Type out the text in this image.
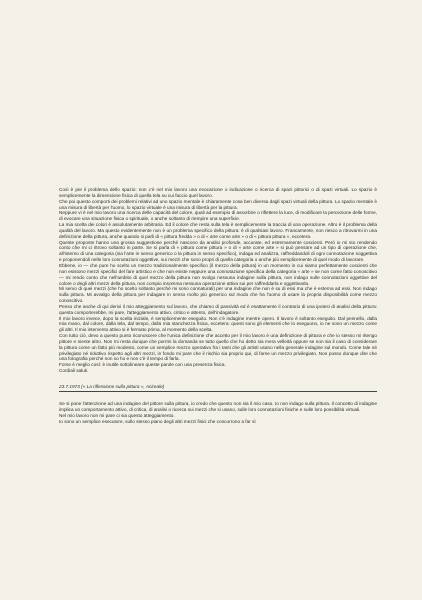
Così è per il problema dello spazio: non c'è nel mio lavoro una evocazione o indicazione o ricerca di spazi pittorici o di spazi virtuali. Lo spazio è semplicemente la dimensione fisica di quella tela su cui faccio quel lavoro.

Che poi questo comporti dei problemi relativi ad uno spazio mentale è chiaramente cosa ben diversa dagli spazi virtuali della pittura. Lo spazio mentale è una misura di libertà per l'uomo, lo spazio virtuale è una misura di libertà per la pittura.

Neppure vi è nel mio lavoro una ricerca delle capacità del colore, quali ad esempio di assorbire o riflettere la luce, di modificare la percezione delle forme, di evocare una situazione fisica o spirituale, o anche soltanto di riempire una superficie.

La mia scelta dei colori è assolutamente arbitraria. Ed il colore che resta sulla tela è semplicemente la traccia di una operazione. Altro è il problema della qualità del lavoro. Ma questo evidentemente non è un problema specifico della pittura: è di qualsiasi lavoro. Francamente, non riesco a ritrovarmi in una definizione della pittura, anche quando si parli di « pittura fredda » o di « arte come arte » o di « pittura pittura », eccetera.

Queste proposte hanno una grossa suggestione perché nascono da analisi profonde, accurate, ed estremamente coscienti. Però io mi sto rendendo conto che mi ci ritrovo soltanto in parte. Se si parla di « pittura come pittura » o di « arte come arte » si può pensare ad un tipo di operazione che, all'interno di una categoria (sia l'arte in senso generico o la pittura in senso specifico), indaga ed analizza, raffreddandoli di ogni connotazione soggettiva e proponendoli nelle loro connotazioni oggettive, sui mezzi che sono propri di quella categoria o anche più semplicemente di quel modo di lavorare.

Ebbene, io — che pure ho scelto un mezzo tradizionalmente specifico (il mezzo della pittura) in un momento in cui siamo perfettamente coscienti che non esistono mezzi specifici del fare artistico e che non esiste neppure una connotazione specifica della categoria « arte » se non come fatto conoscitivo — mi rendo conto che nell'ambito di quel mezzo della pittura non svolgo nessuna indagine sulla pittura, non indago sulle connotazioni oggettive del colore o degli altri mezzi della pittura, non compio insomma nessuna operazione attiva sui per raffreddarla e oggettivarla.

Mi servo di quei mezzi (che ho scelto soltanto perché mi sono connaturali) per una indagine che non è su di essi ma che è esterna ad essi. Non indago sulla pittura. Mi avvalgo della pittura per indagare in senso molto più generico sul modo che ha l'uomo di usare la propria disponibilità come mezzo conoscitivo.

Penso che anche di qui derivi il mio atteggiamento sul lavoro, che chiamo di passività ed è esattamente il contrario di una ipotesi di analisi della pittura: questa comporterebbe, mi pare, l'atteggiamento attivo, critico e attento, dell'indagatore.

Il mio lavoro invece, dopo la scelta iniziale, è semplicemente eseguito. Non c'è indagine mentre opero. Il lavoro è soltanto eseguito. Dal pennello, dalla mia mano, dal colore, dalla tela, dal tempo, dalla mia stanchezza fisica, eccetera: questi sono gli elementi che lo eseguono, io ne sono un mezzo come gli altri. Il mio intervento attivo si è fermato prima, al momento della scelta.

Con tutto ciò, devo a questo punto riconoscere che l'unica definizione che accetto per il mio lavoro è una definizione di pittura e che io stesso mi ritengo pittore e niente altro. Non mi resta dunque che porrmi la domanda se tutto quello che ho detto sia mera velleità oppure se non sia il caso di considerare la pittura come un fatto più modesto, come un semplice mezzo operativo fra i tanti che gli artisti usano nella generale indagine sul mondo. Come tale né privilegiato né riduttivo rispetto agli altri mezzi, in fondo mi pare che il rischio sia proprio qui, di farne un mezzo privilegiato. Non posso dunque dire che una fotografia perché non so ho e non c'è il tempo di farla.

Forse è meglio così: è inutile sottolineare queste parole con una presenza fisica.

Cordiali saluti.

23.7.1973 (« La riflessione sulla pittura », Acireale)

Se si pone l'attenzione ad una indagine del pittore sulla pittura, io credo che questo non sia il mio caso. Io non indago sulla pittura. Il concetto di indagine implica un comportamento attivo, di critica, di analisi o ricerca sui mezzi che si usano, sulle loro connotazioni fisiche e sulle loro possibilità virtuali.

Nel mio lavoro non mi pare ci sia questo atteggiamento.

Io sono un semplice esecutore, sullo stesso piano degli altri mezzi fisici che concorrono a far sì
